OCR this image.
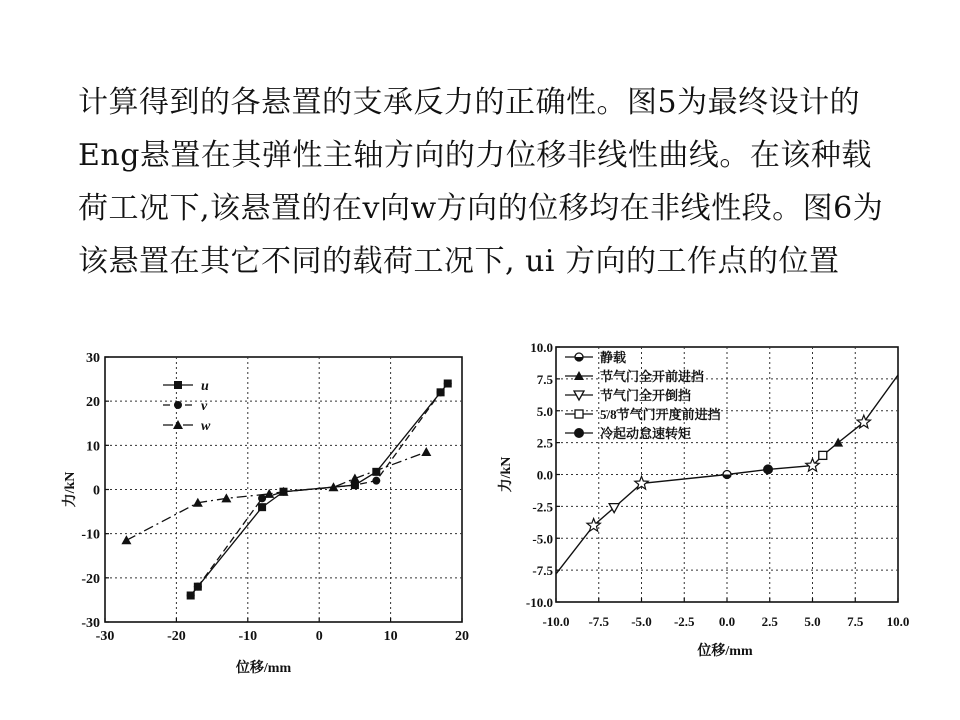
计算得到的各悬置的支承反力的正确性。图5为最终设计的
Eng悬置在其弹性主轴方向的力位移非线性曲线。在该种载
荷工况下,该悬置的在v向w方向的位移均在非线性段。图6为
该悬置在其它不同的载荷工况下, ui 方向的工作点的位置
-30	-20	-10	0	10	20
-30
-20
-10
0
10
20
30
位移/mm
力/kN
u
v
w
-10.0 -7.5 -5.0 -2.5 0.0 2.5 5.0 7.5 10.0
10.0
7.5
5.0
2.5
0.0
-2.5
-5.0
-7.5
-10.0
位移/mm
力/kN
静载
节气门全开前进挡
节气门全开倒挡
5/8节气门开度前进挡
冷起动怠速转矩
